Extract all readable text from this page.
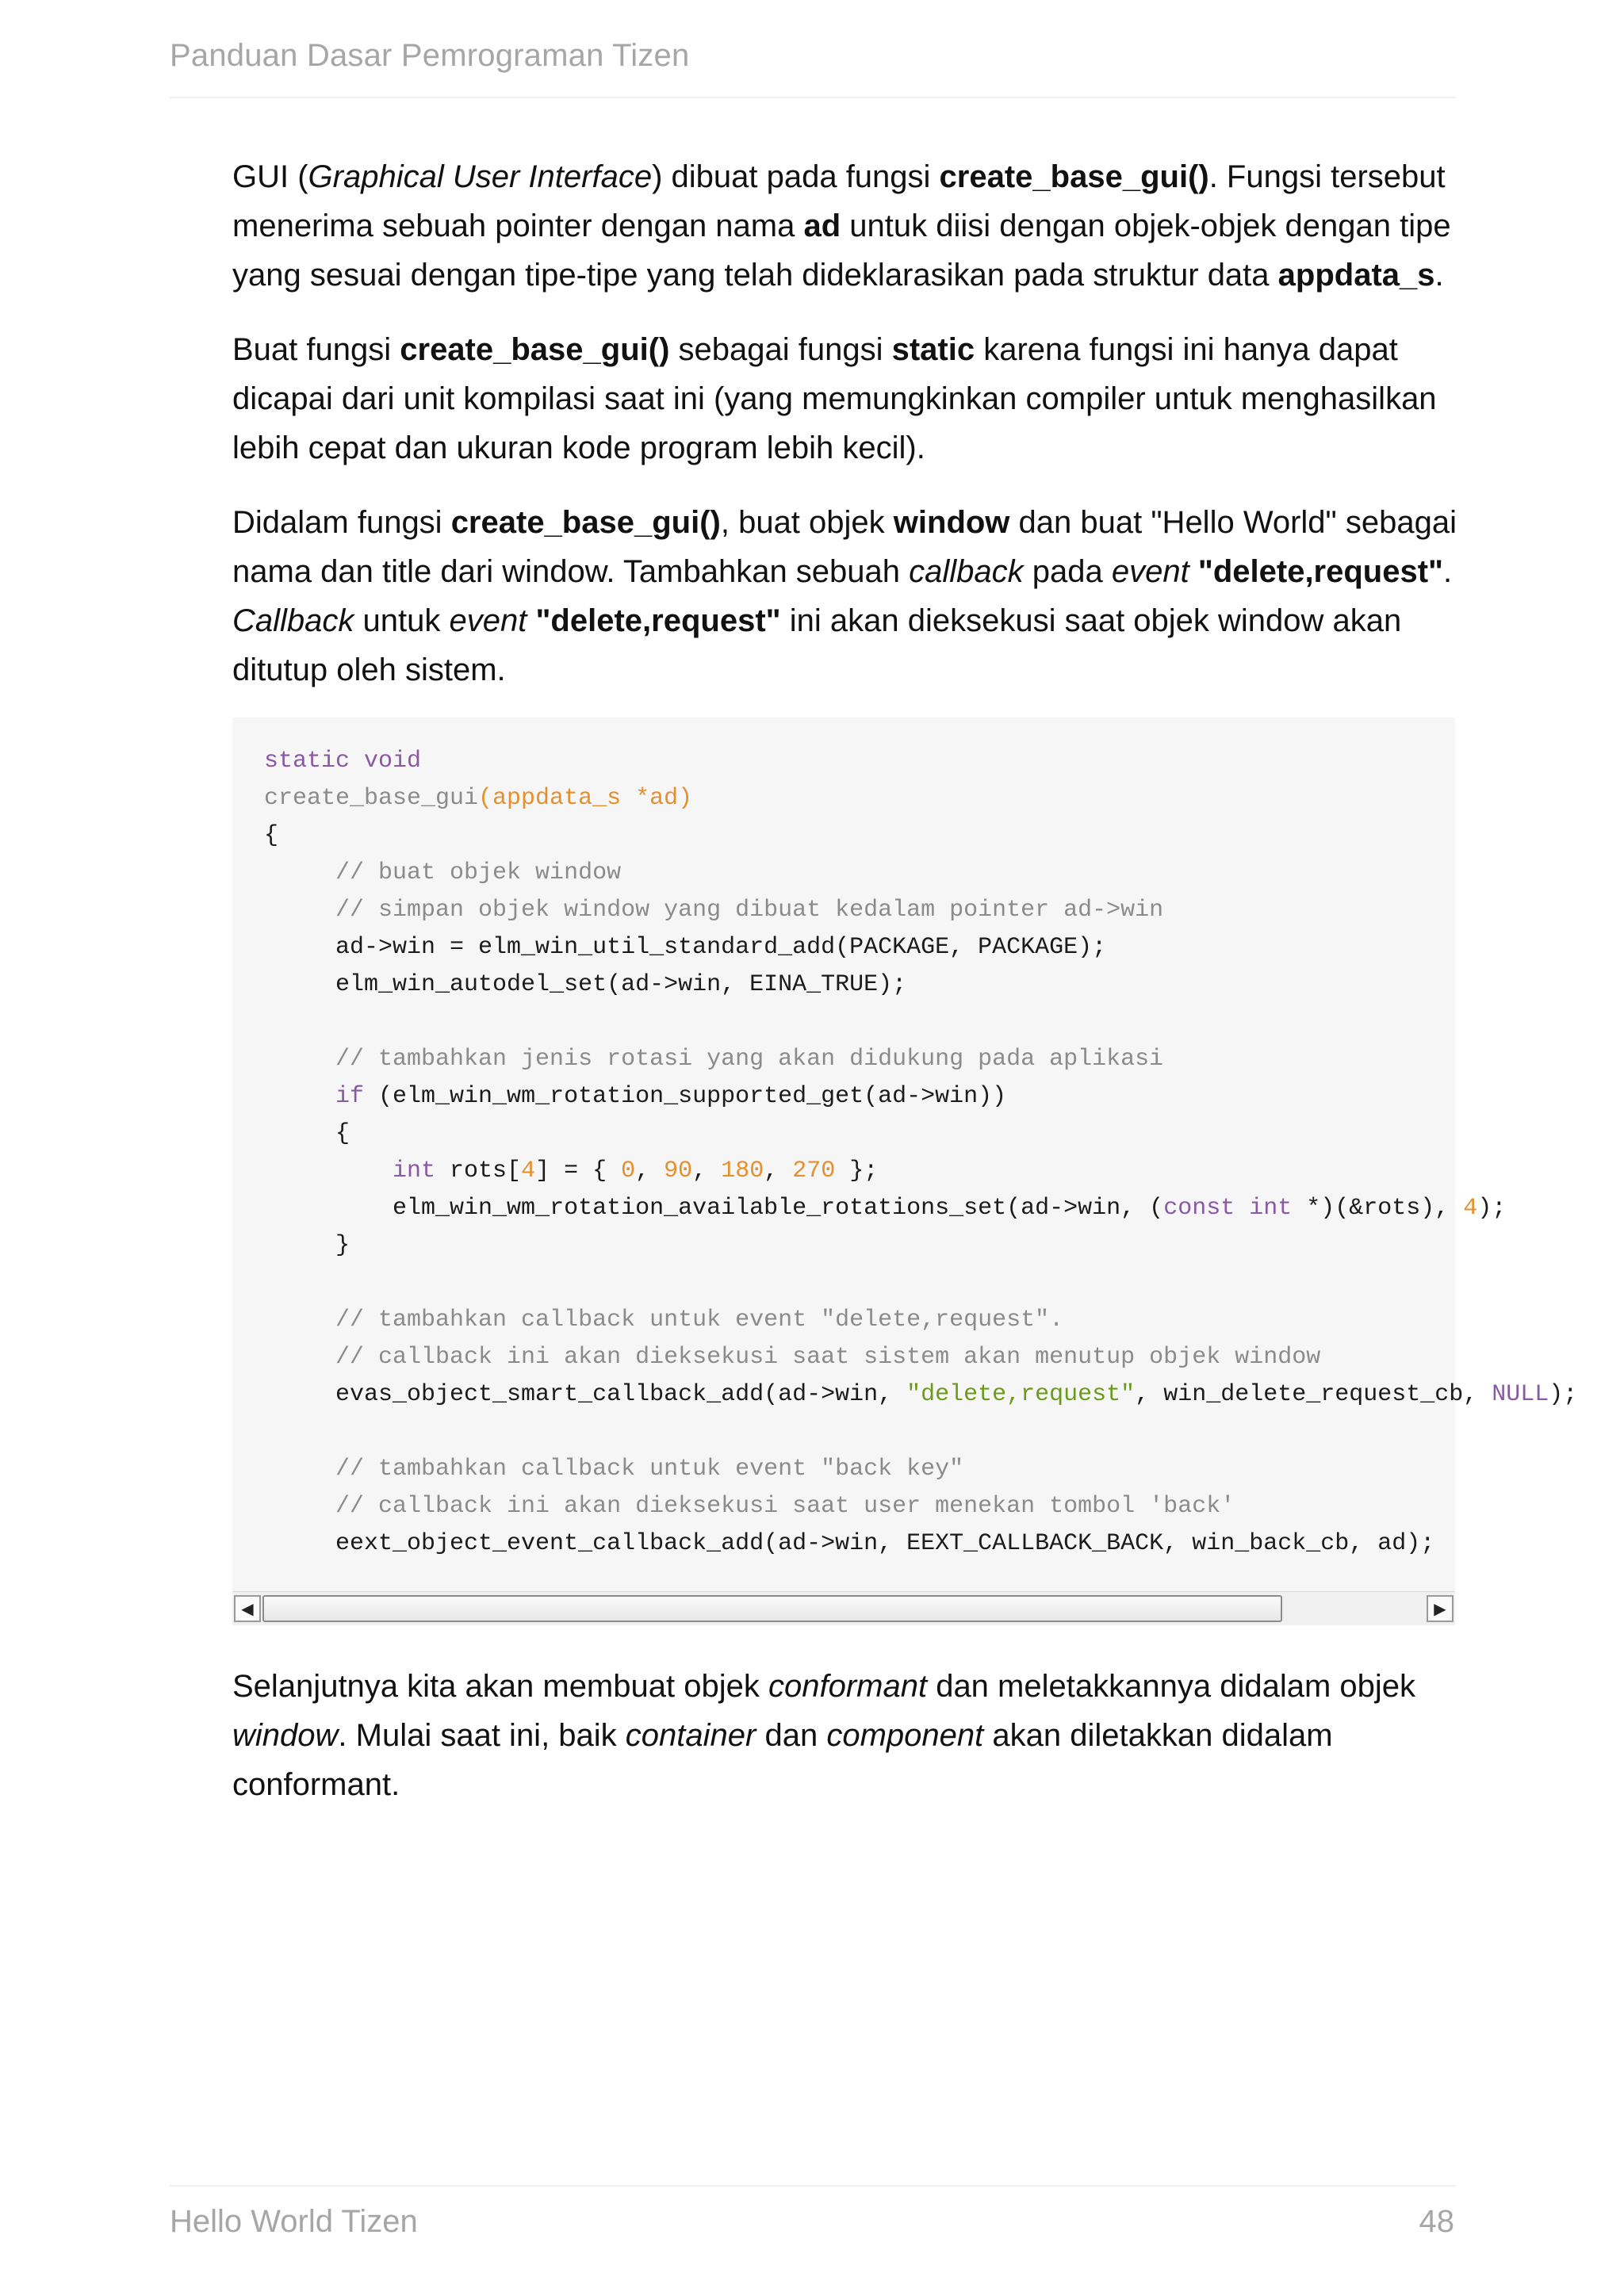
Panduan Dasar Pemrograman Tizen

GUI (Graphical User Interface) dibuat pada fungsi create_base_gui(). Fungsi tersebut menerima sebuah pointer dengan nama ad untuk diisi dengan objek-objek dengan tipe yang sesuai dengan tipe-tipe yang telah dideklarasikan pada struktur data appdata_s.

Buat fungsi create_base_gui() sebagai fungsi static karena fungsi ini hanya dapat dicapai dari unit kompilasi saat ini (yang memungkinkan compiler untuk menghasilkan lebih cepat dan ukuran kode program lebih kecil).

Didalam fungsi create_base_gui(), buat objek window dan buat "Hello World" sebagai nama dan title dari window. Tambahkan sebuah callback pada event "delete,request". Callback untuk event "delete,request" ini akan dieksekusi saat objek window akan ditutup oleh sistem.

static void
create_base_gui(appdata_s *ad)
{
// buat objek window
// simpan objek window yang dibuat kedalam pointer ad->win
ad->win = elm_win_util_standard_add(PACKAGE, PACKAGE);
elm_win_autodel_set(ad->win, EINA_TRUE);

// tambahkan jenis rotasi yang akan didukung pada aplikasi
if (elm_win_wm_rotation_supported_get(ad->win))
{
int rots[4] = { 0, 90, 180, 270 };
elm_win_wm_rotation_available_rotations_set(ad->win, (const int *)(&rots), 4);
}

// tambahkan callback untuk event "delete,request".
// callback ini akan dieksekusi saat sistem akan menutup objek window
evas_object_smart_callback_add(ad->win, "delete,request", win_delete_request_cb, NULL);

// tambahkan callback untuk event "back key"
// callback ini akan dieksekusi saat user menekan tombol 'back'
eext_object_event_callback_add(ad->win, EEXT_CALLBACK_BACK, win_back_cb, ad);
◀	▶

Selanjutnya kita akan membuat objek conformant dan meletakkannya didalam objek window. Mulai saat ini, baik container dan component akan diletakkan didalam conformant.

Hello World Tizen	48
